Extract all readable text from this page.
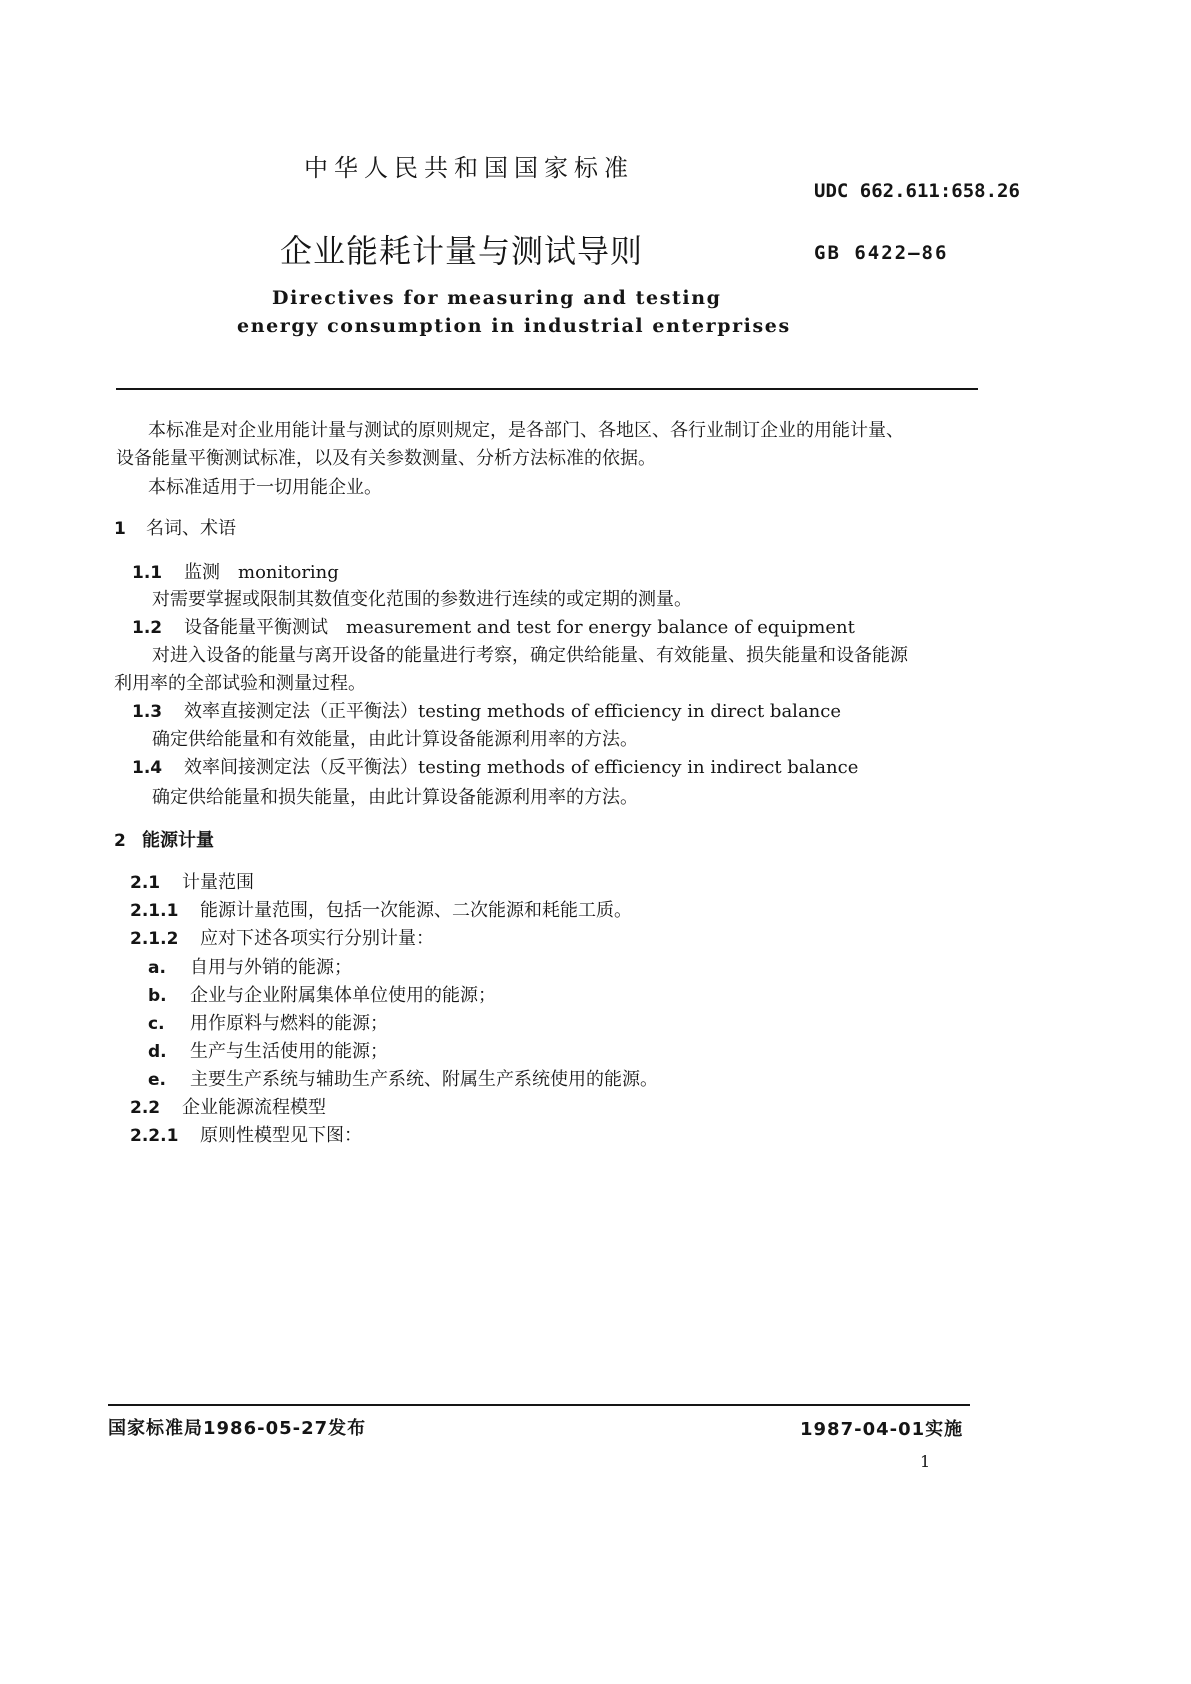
中华人民共和国国家标准
UDC 662.611:658.26
企业能耗计量与测试导则	GB 6422—86
Directives for measuring and testing
energy consumption in industrial enterprises
本标准是对企业用能计量与测试的原则规定，是各部门、各地区、各行业制订企业的用能计量、
设备能量平衡测试标准，以及有关参数测量、分析方法标准的依据。
本标准适用于一切用能企业。
1 名词、术语
1.1 监测　monitoring
对需要掌握或限制其数值变化范围的参数进行连续的或定期的测量。
1.2 设备能量平衡测试　measurement and test for energy balance of equipment
对进入设备的能量与离开设备的能量进行考察，确定供给能量、有效能量、损失能量和设备能源
利用率的全部试验和测量过程。
1.3 效率直接测定法（正平衡法）testing methods of efficiency in direct balance
确定供给能量和有效能量，由此计算设备能源利用率的方法。
1.4 效率间接测定法（反平衡法）testing methods of efficiency in indirect balance
确定供给能量和损失能量，由此计算设备能源利用率的方法。
2 能源计量
2.1 计量范围
2.1.1 能源计量范围，包括一次能源、二次能源和耗能工质。
2.1.2 应对下述各项实行分别计量：
a. 自用与外销的能源；
b. 企业与企业附属集体单位使用的能源；
c. 用作原料与燃料的能源；
d. 生产与生活使用的能源；
e. 主要生产系统与辅助生产系统、附属生产系统使用的能源。
2.2 企业能源流程模型
2.2.1 原则性模型见下图：
国家标准局1986-05-27发布	1987-04-01实施
1
